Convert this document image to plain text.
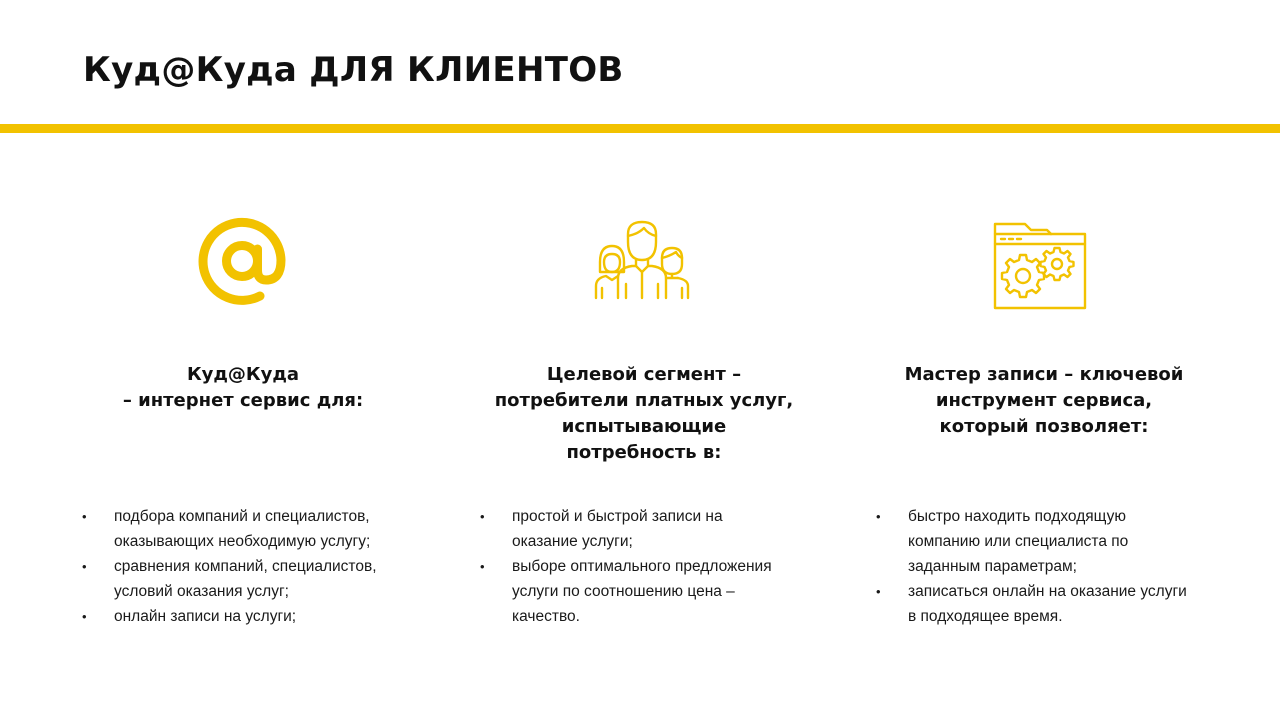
Куд@Куда ДЛЯ КЛИЕНТОВ
Куд@Куда
– интернет сервис для:
• подбора компаний и специалистов,
оказывающих необходимую услугу;
• сравнения компаний, специалистов,
условий оказания услуг;
• онлайн записи на услуги;
Целевой сегмент –
потребители платных услуг,
испытывающие
потребность в:
• простой и быстрой записи на
оказание услуги;
• выборе оптимального предложения
услуги по соотношению цена –
качество.
Мастер записи – ключевой
инструмент сервиса,
который позволяет:
• быстро находить подходящую
компанию или специалиста по
заданным параметрам;
• записаться онлайн на оказание услуги
в подходящее время.
